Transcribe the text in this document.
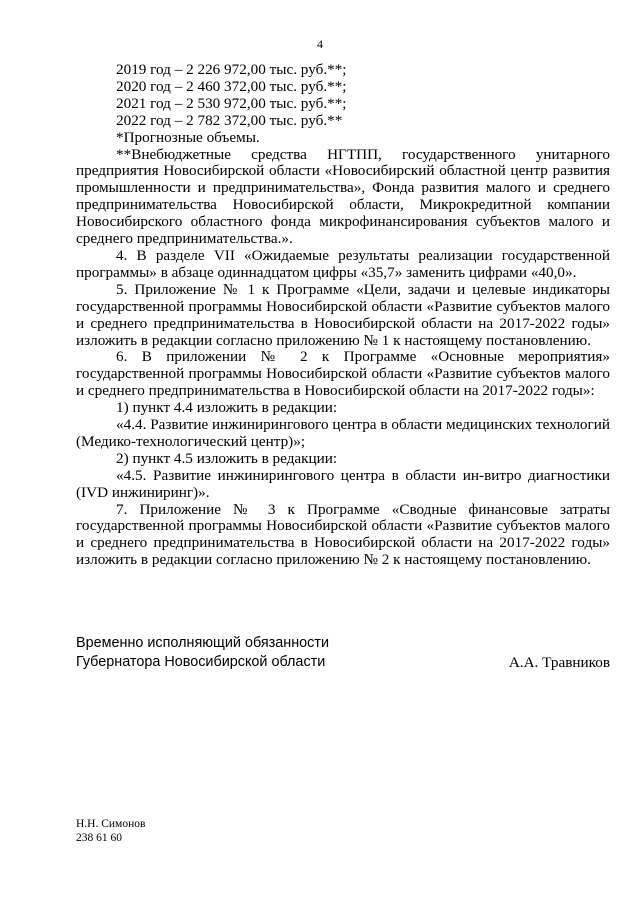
4

2019 год – 2 226 972,00 тыс. руб.**;

2020 год – 2 460 372,00 тыс. руб.**;

2021 год – 2 530 972,00 тыс. руб.**;

2022 год – 2 782 372,00 тыс. руб.**

*Прогнозные объемы.

**Внебюджетные средства НГТПП, государственного унитарного предприятия Новосибирской области «Новосибирский областной центр развития промышленности и предпринимательства», Фонда развития малого и среднего предпринимательства Новосибирской области, Микрокредитной компании Новосибирского областного фонда микрофинансирования субъектов малого и среднего предпринимательства.».

4. В разделе VII «Ожидаемые результаты реализации государственной программы» в абзаце одиннадцатом цифры «35,7» заменить цифрами «40,0».

5. Приложение № 1 к Программе «Цели, задачи и целевые индикаторы государственной программы Новосибирской области «Развитие субъектов малого и среднего предпринимательства в Новосибирской области на 2017-2022 годы» изложить в редакции согласно приложению № 1 к настоящему постановлению.

6. В приложении № 2 к Программе «Основные мероприятия» государственной программы Новосибирской области «Развитие субъектов малого и среднего предпринимательства в Новосибирской области на 2017-2022 годы»:

1) пункт 4.4 изложить в редакции:

«4.4. Развитие инжинирингового центра в области медицинских технологий (Медико-технологический центр)»;

2) пункт 4.5 изложить в редакции:

«4.5. Развитие инжинирингового центра в области ин-витро диагностики (IVD инжиниринг)».

7. Приложение № 3 к Программе «Сводные финансовые затраты государственной программы Новосибирской области «Развитие субъектов малого и среднего предпринимательства в Новосибирской области на 2017-2022 годы» изложить в редакции согласно приложению № 2 к настоящему постановлению.

Временно исполняющий обязанности
Губернатора Новосибирской области	А.А. Травников
Н.Н. Симонов
238 61 60
